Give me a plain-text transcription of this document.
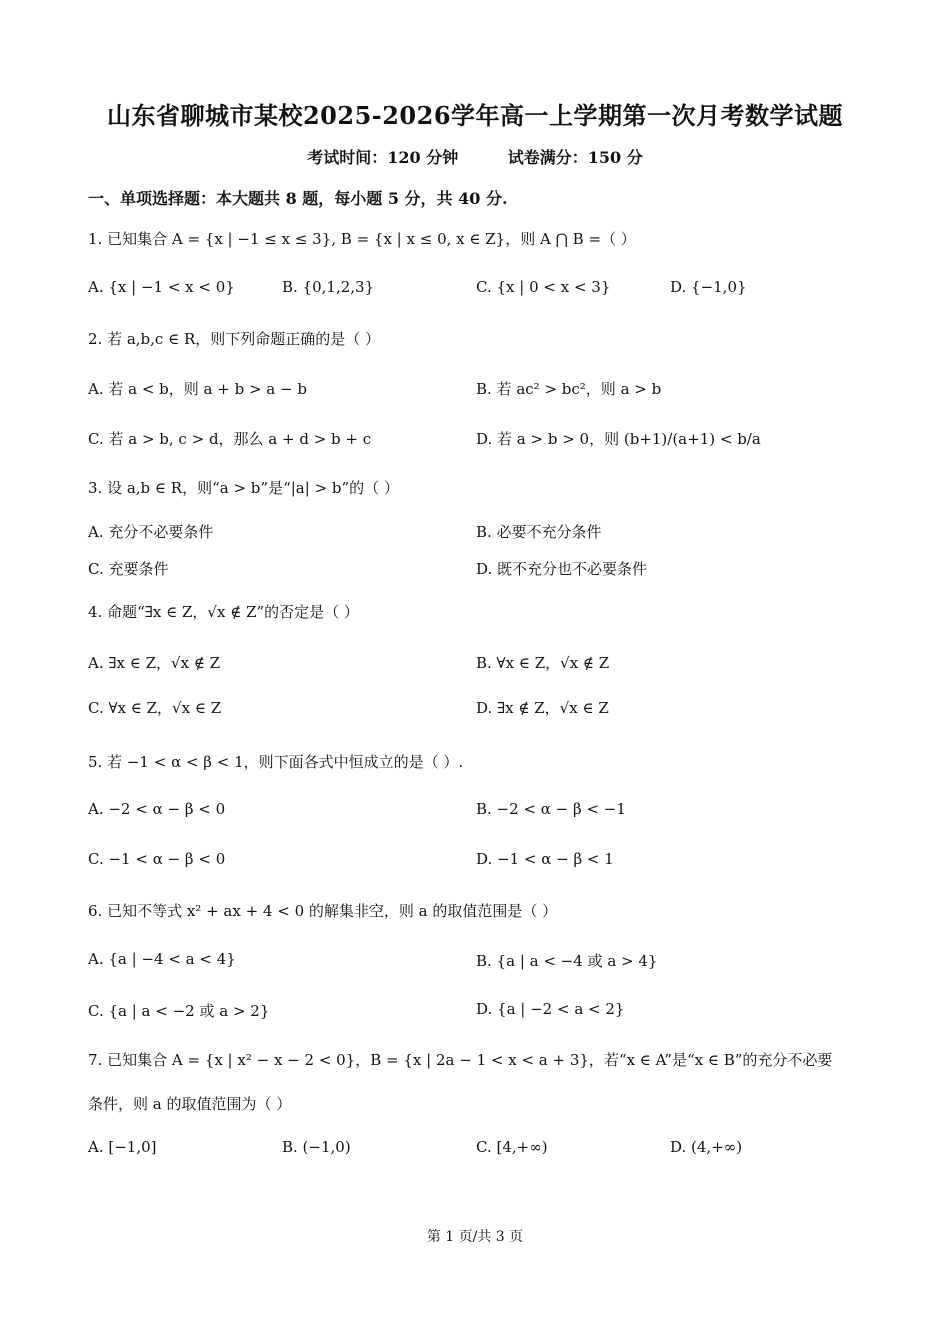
山东省聊城市某校2025-2026学年高一上学期第一次月考数学试题
考试时间：120 分钟	试卷满分：150 分
一、单项选择题：本大题共 8 题，每小题 5 分，共 40 分.
1. 已知集合 A = {x | −1 ≤ x ≤ 3}, B = {x | x ≤ 0, x ∈ Z}，则 A ⋂ B =（ ）
A. {x | −1 < x < 0}	B. {0,1,2,3}	C. {x | 0 < x < 3}	D. {−1,0}
2. 若 a,b,c ∈ R，则下列命题正确的是（ ）
A. 若 a < b，则 a + b > a − b	B. 若 ac² > bc²，则 a > b
C. 若 a > b, c > d，那么 a + d > b + c	D. 若 a > b > 0，则 (b+1)/(a+1) < b/a
3. 设 a,b ∈ R，则“a > b”是“|a| > b”的（ ）
A. 充分不必要条件	B. 必要不充分条件
C. 充要条件	D. 既不充分也不必要条件
4. 命题“∃x ∈ Z，√x ∉ Z”的否定是（ ）
A. ∃x ∈ Z，√x ∉ Z	B. ∀x ∈ Z，√x ∉ Z
C. ∀x ∈ Z，√x ∈ Z	D. ∃x ∉ Z，√x ∈ Z
5. 若 −1 < α < β < 1，则下面各式中恒成立的是（ ）.
A. −2 < α − β < 0	B. −2 < α − β < −1
C. −1 < α − β < 0	D. −1 < α − β < 1
6. 已知不等式 x² + ax + 4 < 0 的解集非空，则 a 的取值范围是（ ）
A. {a | −4 < a < 4}	B. {a | a < −4 或 a > 4}
C. {a | a < −2 或 a > 2}	D. {a | −2 < a < 2}
7. 已知集合 A = {x | x² − x − 2 < 0}，B = {x | 2a − 1 < x < a + 3}，若“x ∈ A”是“x ∈ B”的充分不必要
条件，则 a 的取值范围为（ ）
A. [−1,0]	B. (−1,0)	C. [4,+∞)	D. (4,+∞)
第 1 页/共 3 页
